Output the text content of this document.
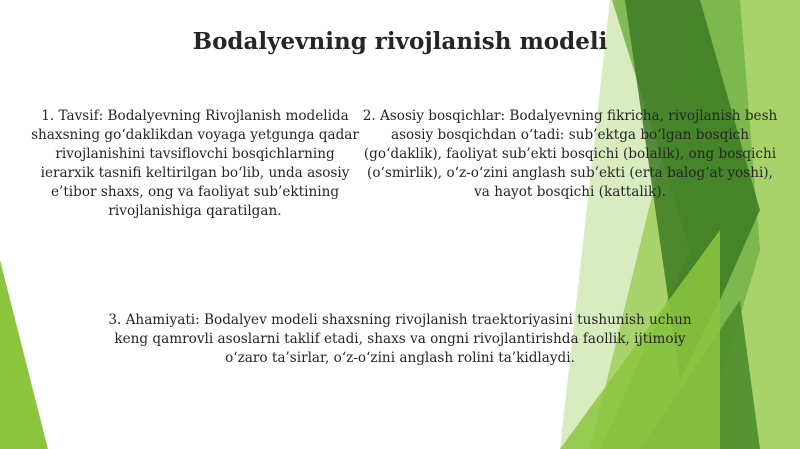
Bodalyevning rivojlanish modeli
1. Tavsif: Bodalyevning Rivojlanish modelida shaxsning go‘daklikdan voyaga yetgunga qadar rivojlanishini tavsiflovchi bosqichlarning ierarxik tasnifi keltirilgan bo‘lib, unda asosiy e’tibor shaxs, ong va faoliyat sub’ektining rivojlanishiga qaratilgan.
2. Asosiy bosqichlar: Bodalyevning fikricha, rivojlanish besh asosiy bosqichdan o‘tadi: sub’ektga bo‘lgan bosqich (go‘daklik), faoliyat sub’ekti bosqichi (bolalik), ong bosqichi (o‘smirlik), o‘z-o‘zini anglash sub’ekti (erta balog‘at yoshi), va hayot bosqichi (kattalik).
3. Ahamiyati: Bodalyev modeli shaxsning rivojlanish traektoriyasini tushunish uchun keng qamrovli asoslarni taklif etadi, shaxs va ongni rivojlantirishda faollik, ijtimoiy o‘zaro ta’sirlar, o‘z-o‘zini anglash rolini ta’kidlaydi.
